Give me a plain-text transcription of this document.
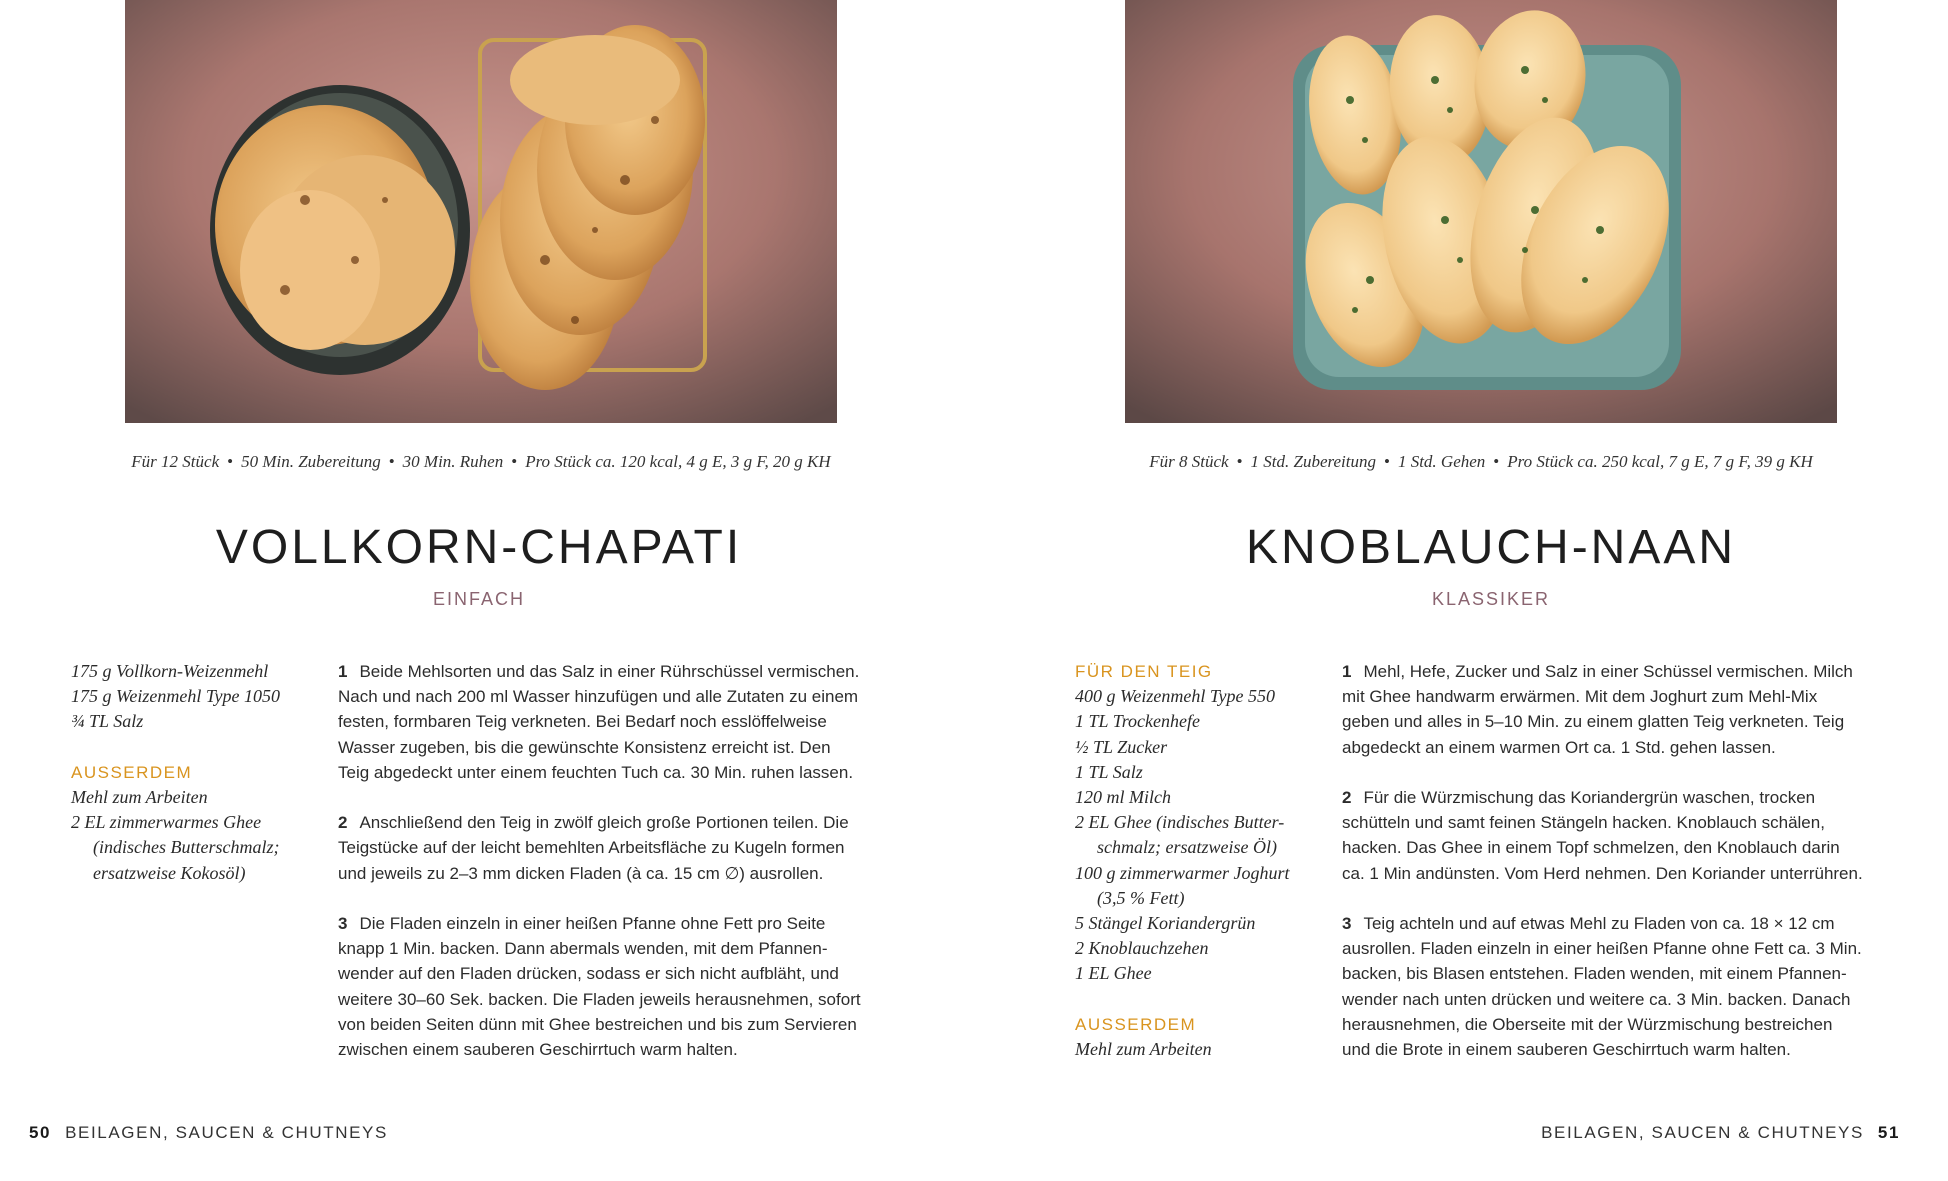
Für 12 Stück • 50 Min. Zubereitung • 30 Min. Ruhen • Pro Stück ca. 120 kcal, 4 g E, 3 g F, 20 g KH
VOLLKORN-CHAPATI
EINFACH
175 g Vollkorn-Weizenmehl
175 g Weizenmehl Type 1050
¾ TL Salz
AUSSERDEM
Mehl zum Arbeiten
2 EL zimmerwarmes Ghee
(indisches Butterschmalz;
ersatzweise Kokosöl)
1 Beide Mehlsorten und das Salz in einer Rührschüssel vermischen.
Nach und nach 200 ml Wasser hinzufügen und alle Zutaten zu einem
festen, formbaren Teig verkneten. Bei Bedarf noch esslöffelweise
Wasser zugeben, bis die gewünschte Konsistenz erreicht ist. Den
Teig abgedeckt unter einem feuchten Tuch ca. 30 Min. ruhen lassen.
2 Anschließend den Teig in zwölf gleich große Portionen teilen. Die
Teigstücke auf der leicht bemehlten Arbeitsfläche zu Kugeln formen
und jeweils zu 2–3 mm dicken Fladen (à ca. 15 cm ∅) ausrollen.
3 Die Fladen einzeln in einer heißen Pfanne ohne Fett pro Seite
knapp 1 Min. backen. Dann abermals wenden, mit dem Pfannen-
wender auf den Fladen drücken, sodass er sich nicht aufbläht, und
weitere 30–60 Sek. backen. Die Fladen jeweils herausnehmen, sofort
von beiden Seiten dünn mit Ghee bestreichen und bis zum Servieren
zwischen einem sauberen Geschirrtuch warm halten.
50 BEILAGEN, SAUCEN & CHUTNEYS
Für 8 Stück • 1 Std. Zubereitung • 1 Std. Gehen • Pro Stück ca. 250 kcal, 7 g E, 7 g F, 39 g KH
KNOBLAUCH-NAAN
KLASSIKER
FÜR DEN TEIG
400 g Weizenmehl Type 550
1 TL Trockenhefe
½ TL Zucker
1 TL Salz
120 ml Milch
2 EL Ghee (indisches Butter-
schmalz; ersatzweise Öl)
100 g zimmerwarmer Joghurt
(3,5 % Fett)
5 Stängel Koriandergrün
2 Knoblauchzehen
1 EL Ghee
AUSSERDEM
Mehl zum Arbeiten
1 Mehl, Hefe, Zucker und Salz in einer Schüssel vermischen. Milch
mit Ghee handwarm erwärmen. Mit dem Joghurt zum Mehl-Mix
geben und alles in 5–10 Min. zu einem glatten Teig verkneten. Teig
abgedeckt an einem warmen Ort ca. 1 Std. gehen lassen.
2 Für die Würzmischung das Koriandergrün waschen, trocken
schütteln und samt feinen Stängeln hacken. Knoblauch schälen,
hacken. Das Ghee in einem Topf schmelzen, den Knoblauch darin
ca. 1 Min andünsten. Vom Herd nehmen. Den Koriander unterrühren.
3 Teig achteln und auf etwas Mehl zu Fladen von ca. 18 × 12 cm
ausrollen. Fladen einzeln in einer heißen Pfanne ohne Fett ca. 3 Min.
backen, bis Blasen entstehen. Fladen wenden, mit einem Pfannen-
wender nach unten drücken und weitere ca. 3 Min. backen. Danach
herausnehmen, die Oberseite mit der Würzmischung bestreichen
und die Brote in einem sauberen Geschirrtuch warm halten.
BEILAGEN, SAUCEN & CHUTNEYS 51
